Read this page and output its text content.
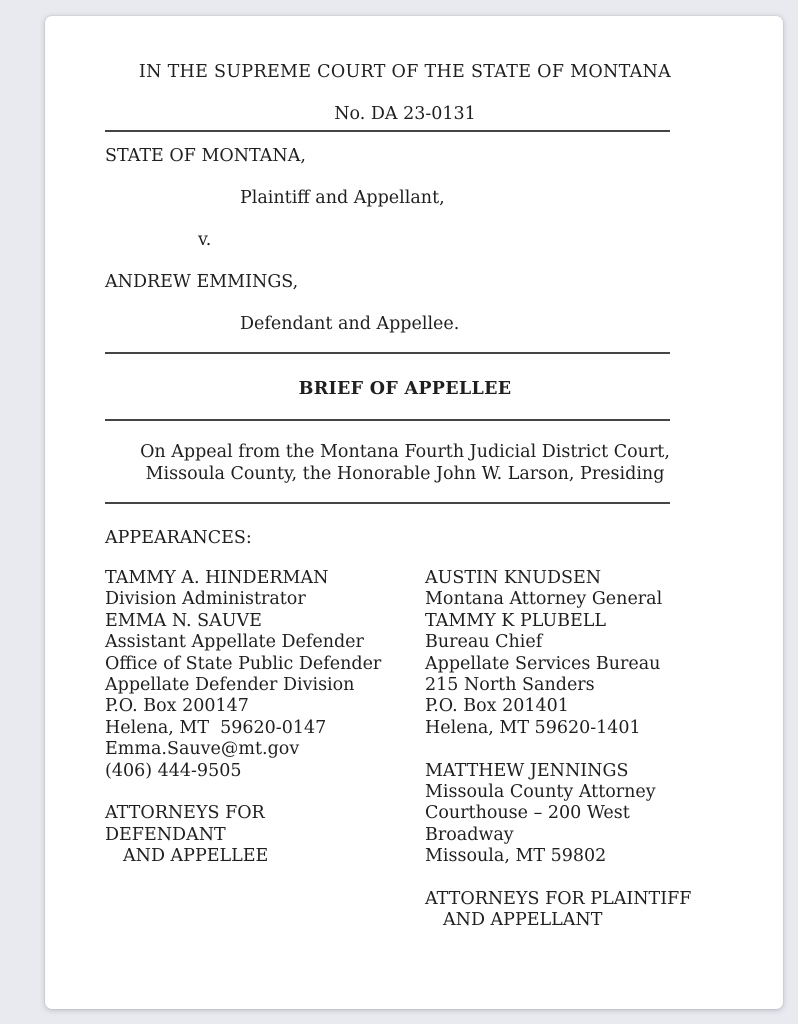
IN THE SUPREME COURT OF THE STATE OF MONTANA
No. DA 23-0131
STATE OF MONTANA,
Plaintiff and Appellant,
v.
ANDREW EMMINGS,
Defendant and Appellee.
BRIEF OF APPELLEE
On Appeal from the Montana Fourth Judicial District Court,
Missoula County, the Honorable John W. Larson, Presiding
APPEARANCES:
TAMMY A. HINDERMAN
Division Administrator
EMMA N. SAUVE
Assistant Appellate Defender
Office of State Public Defender
Appellate Defender Division
P.O. Box 200147
Helena, MT  59620-0147
Emma.Sauve@mt.gov
(406) 444-9505
ATTORNEYS FOR
DEFENDANT
AND APPELLEE
AUSTIN KNUDSEN
Montana Attorney General
TAMMY K PLUBELL
Bureau Chief
Appellate Services Bureau
215 North Sanders
P.O. Box 201401
Helena, MT 59620-1401
MATTHEW JENNINGS
Missoula County Attorney
Courthouse – 200 West
Broadway
Missoula, MT 59802
ATTORNEYS FOR PLAINTIFF
AND APPELLANT
